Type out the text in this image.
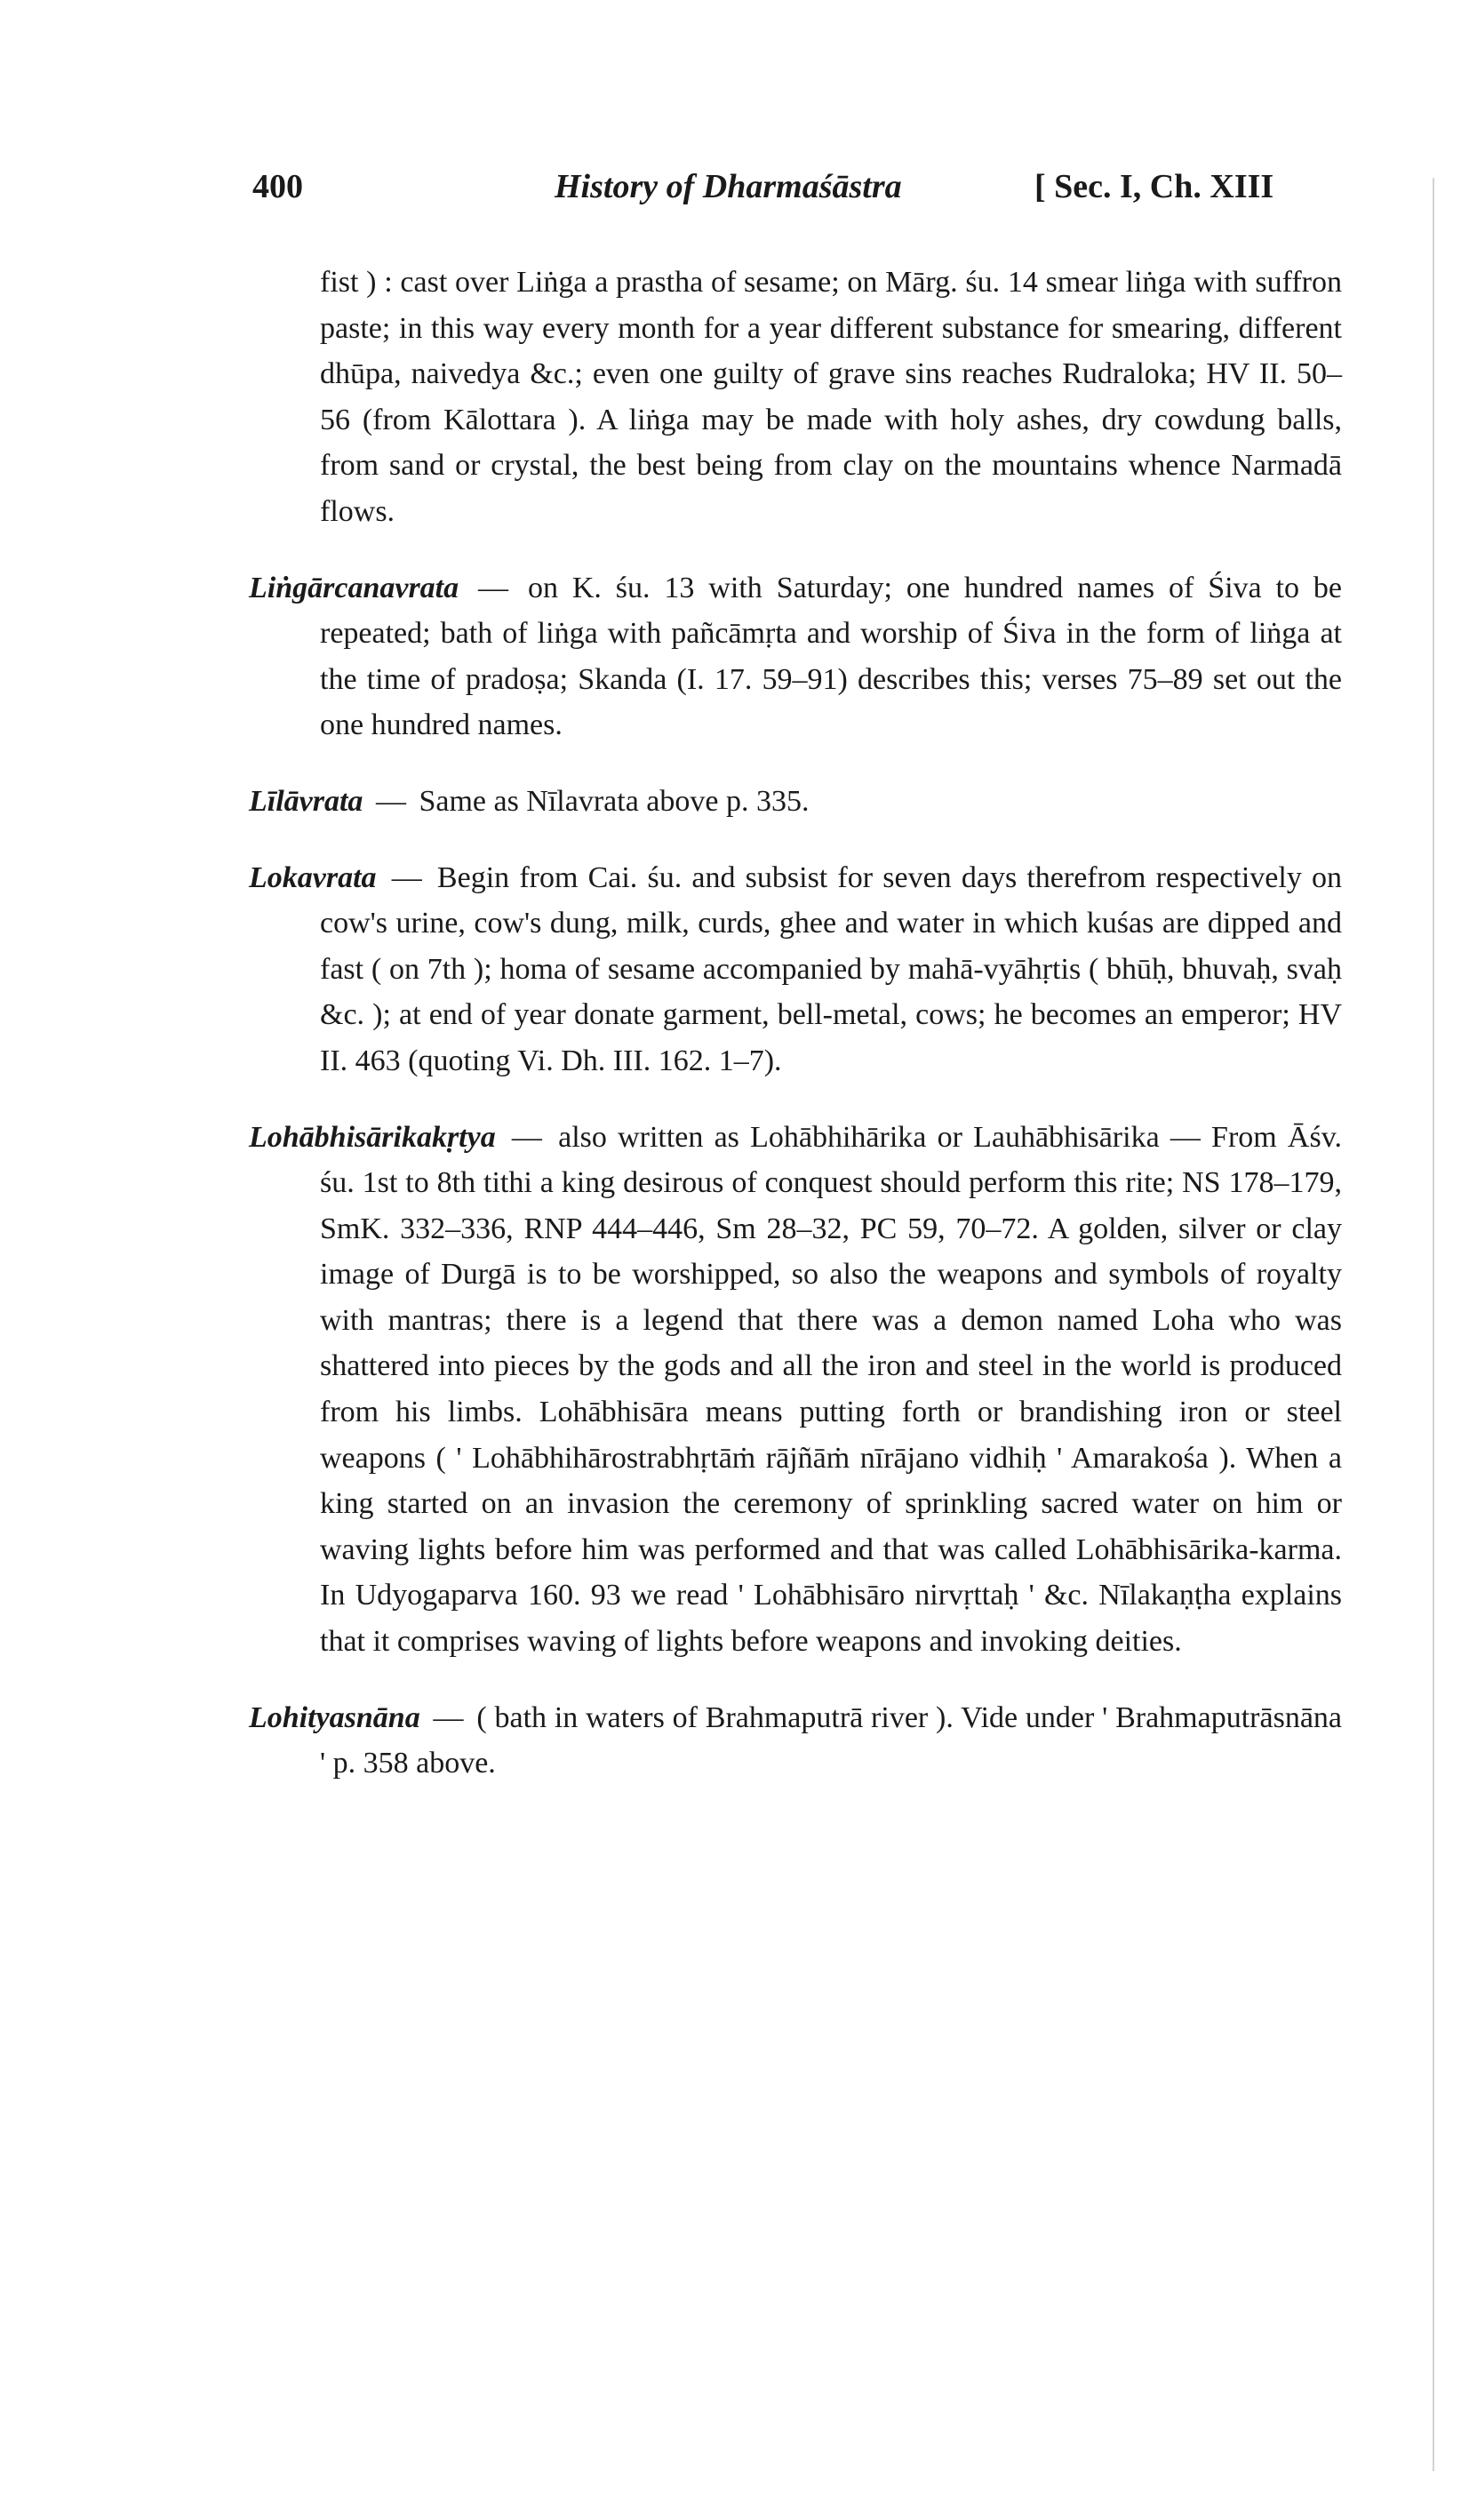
400	History of Dharmaśāstra	[ Sec. I, Ch. XIII

fist ) : cast over Liṅga a prastha of sesame; on Mārg. śu. 14 smear liṅga with suffron paste; in this way every month for a year different substance for smearing, different dhūpa, naivedya &c.; even one guilty of grave sins reaches Rudraloka; HV II. 50–56 (from Kālottara ). A liṅga may be made with holy ashes, dry cowdung balls, from sand or crystal, the best being from clay on the mountains whence Narmadā flows.

Liṅgārcanavrata — on K. śu. 13 with Saturday; one hundred names of Śiva to be repeated; bath of liṅga with pañcāmṛta and worship of Śiva in the form of liṅga at the time of pradoṣa; Skanda (I. 17. 59–91) describes this; verses 75–89 set out the one hundred names.

Līlāvrata — Same as Nīlavrata above p. 335.

Lokavrata — Begin from Cai. śu. and subsist for seven days therefrom respectively on cow's urine, cow's dung, milk, curds, ghee and water in which kuśas are dipped and fast ( on 7th ); homa of sesame accompanied by mahā-vyāhṛtis ( bhūḥ, bhuvaḥ, svaḥ &c. ); at end of year donate garment, bell-metal, cows; he becomes an emperor; HV II. 463 (quoting Vi. Dh. III. 162. 1–7).

Lohābhisārikakṛtya — also written as Lohābhihārika or Lauhābhisārika — From Āśv. śu. 1st to 8th tithi a king desirous of conquest should perform this rite; NS 178–179, SmK. 332–336, RNP 444–446, Sm 28–32, PC 59, 70–72. A golden, silver or clay image of Durgā is to be worshipped, so also the weapons and symbols of royalty with mantras; there is a legend that there was a demon named Loha who was shattered into pieces by the gods and all the iron and steel in the world is produced from his limbs. Lohābhisāra means putting forth or brandishing iron or steel weapons ( ' Lohābhihārostrabhṛtāṁ rājñāṁ nīrājano vidhiḥ ' Amarakośa ). When a king started on an invasion the ceremony of sprinkling sacred water on him or waving lights before him was performed and that was called Lohābhisārika-karma. In Udyogaparva 160. 93 we read ' Lohābhisāro nirvṛttaḥ ' &c. Nīlakaṇṭha explains that it comprises waving of lights before weapons and invoking deities.

Lohityasnāna — ( bath in waters of Brahmaputrā river ). Vide under ' Brahmaputrāsnāna ' p. 358 above.
